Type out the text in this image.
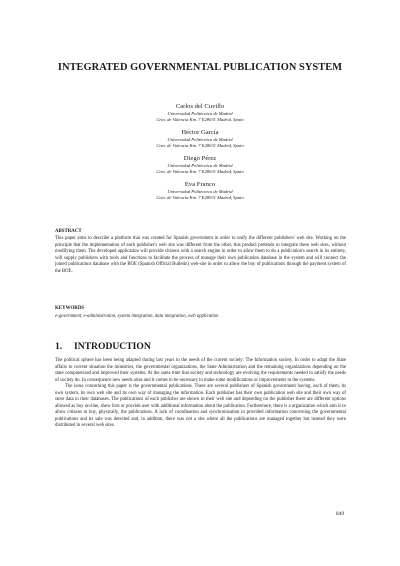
INTEGRATED GOVERNMENTAL PUBLICATION SYSTEM
Carlos del Cuvillo
Universidad Politécnica de Madrid
Crta. de Valencia Km. 7 E28031 Madrid, Spain
Héctor García
Universidad Politécnica de Madrid
Crta. de Valencia Km. 7 E28031 Madrid, Spain
Diego Pérez
Universidad Politécnica de Madrid
Crta. de Valencia Km. 7 E28031 Madrid, Spain
Eva Franco
Universidad Politécnica de Madrid
Crta. de Valencia Km. 7 E28031 Madrid, Spain
ABSTRACT

This paper aims to describe a platform that was created for Spanish government in order to unify the different publishers' web site. Working on the principle that the implementation of each publisher's web site was different from the other, this product pretends to integrate these web sites, without modifying them. The developed application will provide citizens with a search engine in order to allow them to do a publication's search in its entirety, will supply publishers with tools and functions to facilitate the process of manage their own publication database in the system and will connect the joined publications database with the BOE (Spanish Official Bulletin) web-site in order to allow the buy of publications through the payment system of the BOE.

KEYWORDS

e-government, e-administration, system integration, data integration, web application

1. INTRODUCTION

The political sphere has been being adapted during last years to the needs of the current society: The Information society. In order to adapt the State affairs to current situation the ministries, the governmental organizations, the State Administration and the remaining organizations depending on the state computerized and improved their systems. At the same time that society and technology are evolving the requirements needed to satisfy the needs of society do. In consequence new needs arise and it comes to be necessary to make some modifications or improvements to the systems.

The issue concerning this paper is the governmental publications. There are several publishers of Spanish government having, each of them, its own system, its own web site and its own way of managing the information. Each publisher has their own publication web site and their own way of store data in their databases. The publications of each publisher are shown in their web site and depending on the publisher there are different options allowed as buy on-line, show lists or provide user with additional information about the publication. Furthermore, there is a organization which aim is to allow citizens to buy, physically, the publications. A lack of coordination and synchronization in provided information concerning the governmental publications and its sale was detected and, in addition, there was not a site where all the publications are managed together but instead they were distributed in several web sites.

849
